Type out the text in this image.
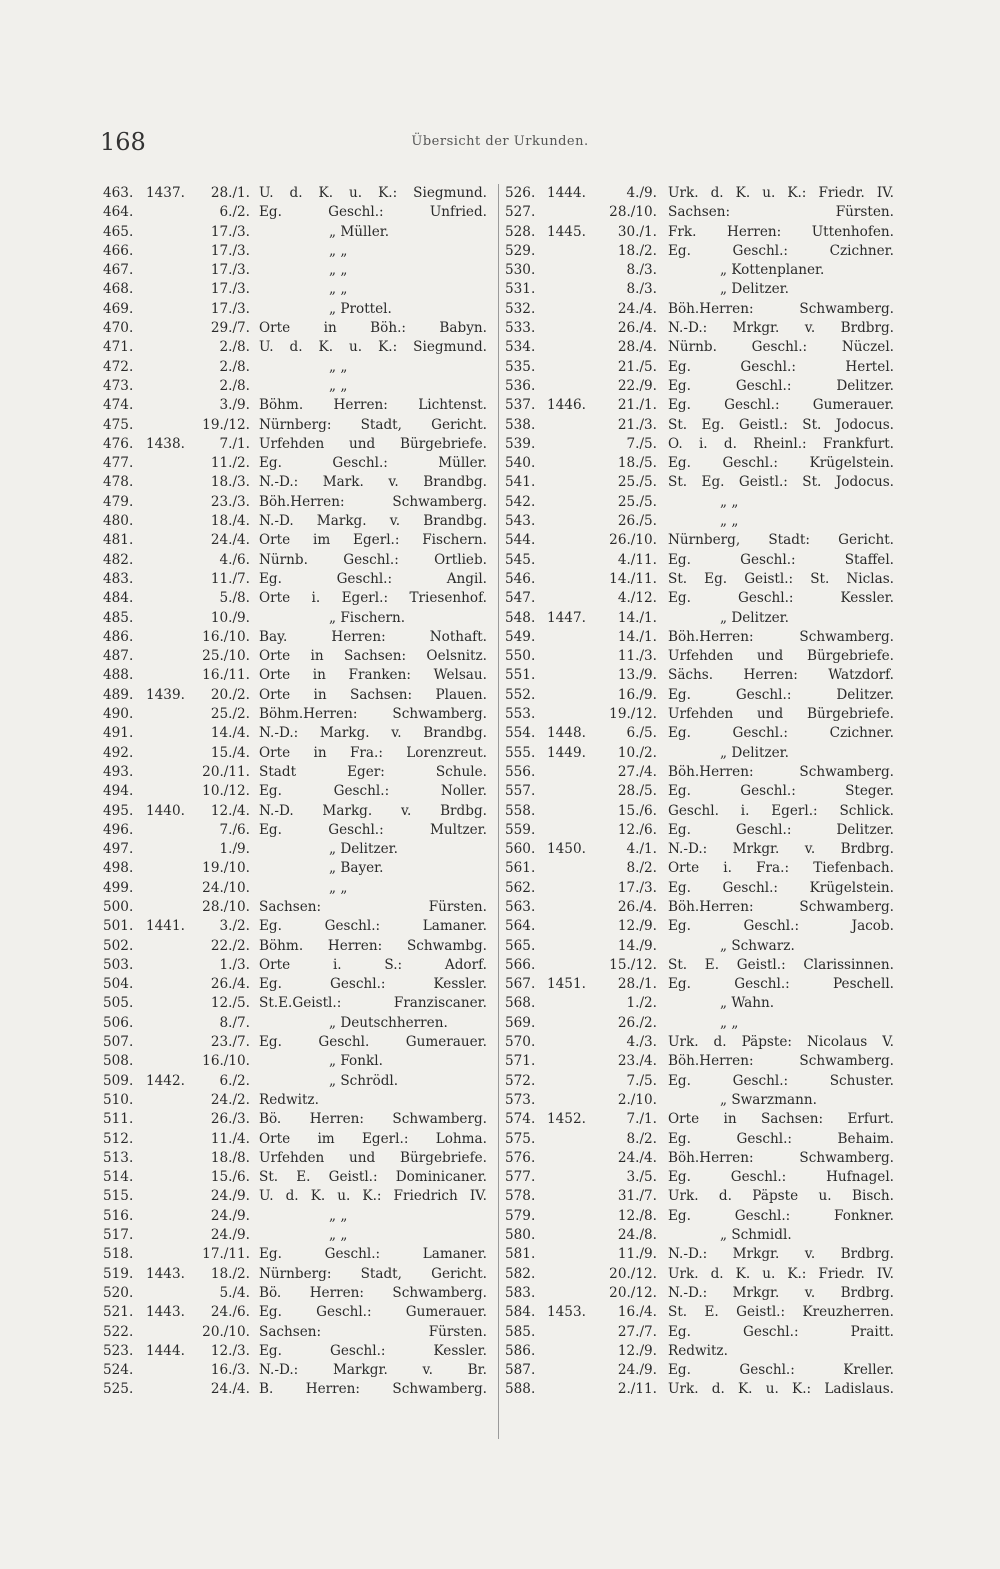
168	Übersicht der Urkunden.
463. 1437.	28./1. U. d. K. u. K.: Siegmund.
464.	6./2. Eg. Geschl.: Unfried.
465.	17./3.	„ Müller.
466.	17./3.	„ „
467.	17./3.	„ „
468.	17./3.	„ „
469.	17./3.	„ Prottel.
470.	29./7. Orte in Böh.: Babyn.
471.	2./8. U. d. K. u. K.: Siegmund.
472.	2./8.	„ „
473.	2./8.	„ „
474.	3./9. Böhm. Herren: Lichtenst.
475.	19./12. Nürnberg: Stadt, Gericht.
476. 1438.	7./1. Urfehden und Bürgebriefe.
477.	11./2. Eg. Geschl.: Müller.
478.	18./3. N.-D.: Mark. v. Brandbg.
479.	23./3. Böh.Herren: Schwamberg.
480.	18./4. N.-D. Markg. v. Brandbg.
481.	24./4. Orte im Egerl.: Fischern.
482.	4./6. Nürnb. Geschl.: Ortlieb.
483.	11./7. Eg. Geschl.: Angil.
484.	5./8. Orte i. Egerl.: Triesenhof.
485.	10./9.	„ Fischern.
486.	16./10. Bay. Herren: Nothaft.
487.	25./10. Orte in Sachsen: Oelsnitz.
488.	16./11. Orte in Franken: Welsau.
489. 1439.	20./2. Orte in Sachsen: Plauen.
490.	25./2. Böhm.Herren: Schwamberg.
491.	14./4. N.-D.: Markg. v. Brandbg.
492.	15./4. Orte in Fra.: Lorenzreut.
493.	20./11. Stadt Eger: Schule.
494.	10./12. Eg. Geschl.: Noller.
495. 1440.	12./4. N.-D. Markg. v. Brdbg.
496.	7./6. Eg. Geschl.: Multzer.
497.	1./9.	„ Delitzer.
498.	19./10.	„ Bayer.
499.	24./10.	„ „
500.	28./10. Sachsen: Fürsten.
501. 1441.	3./2. Eg. Geschl.: Lamaner.
502.	22./2. Böhm. Herren: Schwambg.
503.	1./3. Orte i. S.: Adorf.
504.	26./4. Eg. Geschl.: Kessler.
505.	12./5. St.E.Geistl.: Franziscaner.
506.	8./7.	„ Deutschherren.
507.	23./7. Eg. Geschl. Gumerauer.
508.	16./10.	„ Fonkl.
509. 1442.	6./2.	„ Schrödl.
510.	24./2. Redwitz.
511.	26./3. Bö. Herren: Schwamberg.
512.	11./4. Orte im Egerl.: Lohma.
513.	18./8. Urfehden und Bürgebriefe.
514.	15./6. St. E. Geistl.: Dominicaner.
515.	24./9. U. d. K. u. K.: Friedrich IV.
516.	24./9.	„ „
517.	24./9.	„ „
518.	17./11. Eg. Geschl.: Lamaner.
519. 1443.	18./2. Nürnberg: Stadt, Gericht.
520.	5./4. Bö. Herren: Schwamberg.
521. 1443.	24./6. Eg. Geschl.: Gumerauer.
522.	20./10. Sachsen: Fürsten.
523. 1444.	12./3. Eg. Geschl.: Kessler.
524.	16./3. N.-D.: Markgr. v. Br.
525.	24./4. B. Herren: Schwamberg.
526. 1444.	4./9. Urk. d. K. u. K.: Friedr. IV.
527.	28./10. Sachsen: Fürsten.
528. 1445.	30./1. Frk. Herren: Uttenhofen.
529.	18./2. Eg. Geschl.: Czichner.
530.	8./3.	„ Kottenplaner.
531.	8./3.	„ Delitzer.
532.	24./4. Böh.Herren: Schwamberg.
533.	26./4. N.-D.: Mrkgr. v. Brdbrg.
534.	28./4. Nürnb. Geschl.: Nüczel.
535.	21./5. Eg. Geschl.: Hertel.
536.	22./9. Eg. Geschl.: Delitzer.
537. 1446.	21./1. Eg. Geschl.: Gumerauer.
538.	21./3. St. Eg. Geistl.: St. Jodocus.
539.	7./5. O. i. d. Rheinl.: Frankfurt.
540.	18./5. Eg. Geschl.: Krügelstein.
541.	25./5. St. Eg. Geistl.: St. Jodocus.
542.	25./5.	„ „
543.	26./5.	„ „
544.	26./10. Nürnberg, Stadt: Gericht.
545.	4./11. Eg. Geschl.: Staffel.
546.	14./11. St. Eg. Geistl.: St. Niclas.
547.	4./12. Eg. Geschl.: Kessler.
548. 1447.	14./1.	„ Delitzer.
549.	14./1. Böh.Herren: Schwamberg.
550.	11./3. Urfehden und Bürgebriefe.
551.	13./9. Sächs. Herren: Watzdorf.
552.	16./9. Eg. Geschl.: Delitzer.
553.	19./12. Urfehden und Bürgebriefe.
554. 1448.	6./5. Eg. Geschl.: Czichner.
555. 1449.	10./2.	„ Delitzer.
556.	27./4. Böh.Herren: Schwamberg.
557.	28./5. Eg. Geschl.: Steger.
558.	15./6. Geschl. i. Egerl.: Schlick.
559.	12./6. Eg. Geschl.: Delitzer.
560. 1450.	4./1. N.-D.: Mrkgr. v. Brdbrg.
561.	8./2. Orte i. Fra.: Tiefenbach.
562.	17./3. Eg. Geschl.: Krügelstein.
563.	26./4. Böh.Herren: Schwamberg.
564.	12./9. Eg. Geschl.: Jacob.
565.	14./9.	„ Schwarz.
566.	15./12. St. E. Geistl.: Clarissinnen.
567. 1451.	28./1. Eg. Geschl.: Peschell.
568.	1./2.	„ Wahn.
569.	26./2.	„ „
570.	4./3. Urk. d. Päpste: Nicolaus V.
571.	23./4. Böh.Herren: Schwamberg.
572.	7./5. Eg. Geschl.: Schuster.
573.	2./10.	„ Swarzmann.
574. 1452.	7./1. Orte in Sachsen: Erfurt.
575.	8./2. Eg. Geschl.: Behaim.
576.	24./4. Böh.Herren: Schwamberg.
577.	3./5. Eg. Geschl.: Hufnagel.
578.	31./7. Urk. d. Päpste u. Bisch.
579.	12./8. Eg. Geschl.: Fonkner.
580.	24./8.	„ Schmidl.
581.	11./9. N.-D.: Mrkgr. v. Brdbrg.
582.	20./12. Urk. d. K. u. K.: Friedr. IV.
583.	20./12. N.-D.: Mrkgr. v. Brdbrg.
584. 1453.	16./4. St. E. Geistl.: Kreuzherren.
585.	27./7. Eg. Geschl.: Praitt.
586.	12./9. Redwitz.
587.	24./9. Eg. Geschl.: Kreller.
588.	2./11. Urk. d. K. u. K.: Ladislaus.
